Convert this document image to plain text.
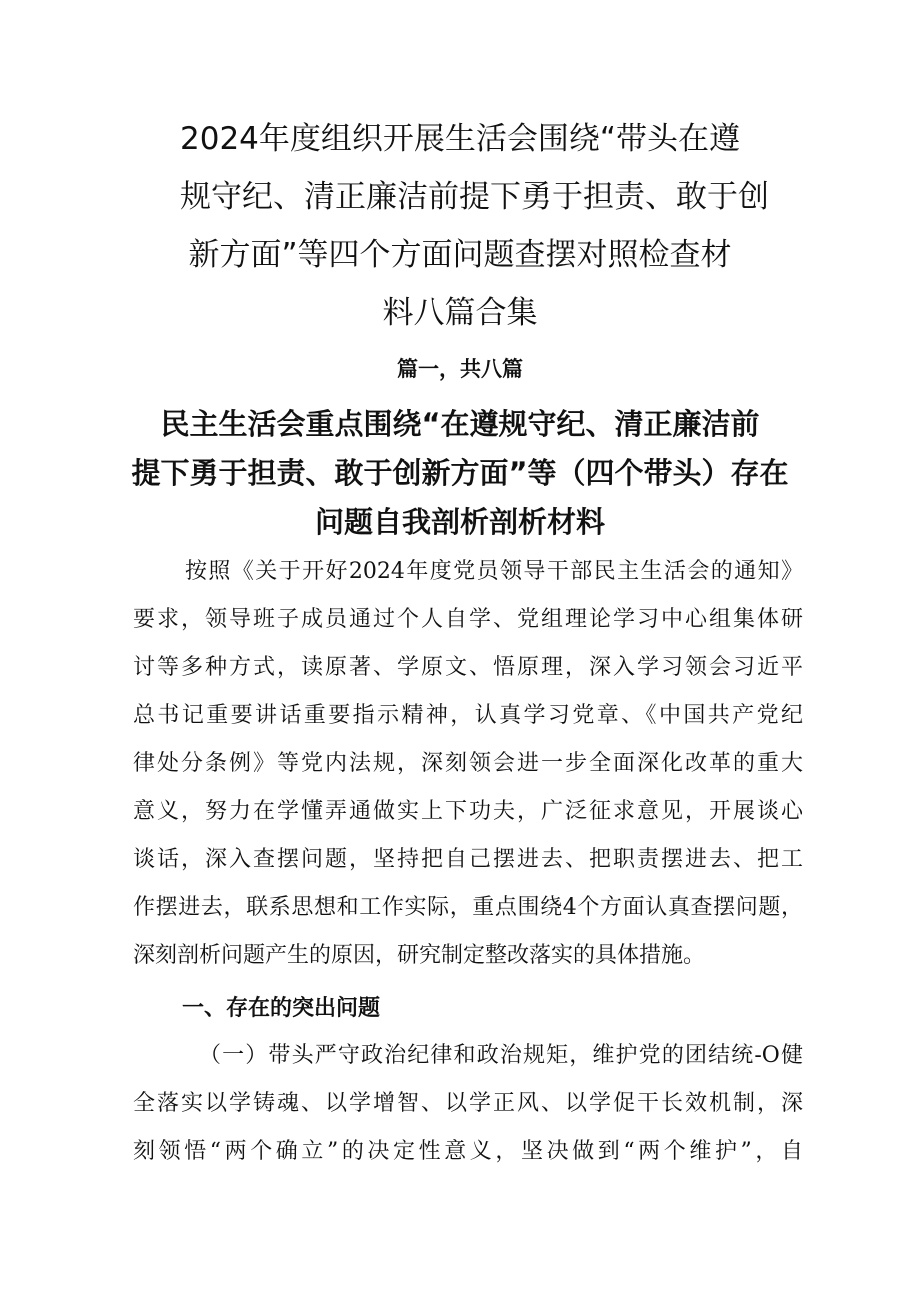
2024年度组织开展生活会围绕“带头在遵
规守纪、清正廉洁前提下勇于担责、敢于创
新方面”等四个方面问题查摆对照检查材
料八篇合集

篇一，共八篇

民主生活会重点围绕“在遵规守纪、清正廉洁前
提下勇于担责、敢于创新方面”等（四个带头）存在
问题自我剖析剖析材料
按照《关于开好2024年度党员领导干部民主生活会的通知》
要求，领导班子成员通过个人自学、党组理论学习中心组集体研
讨等多种方式，读原著、学原文、悟原理，深入学习领会习近平
总书记重要讲话重要指示精神，认真学习党章、《中国共产党纪
律处分条例》等党内法规，深刻领会进一步全面深化改革的重大
意义，努力在学懂弄通做实上下功夫，广泛征求意见，开展谈心
谈话，深入查摆问题，坚持把自己摆进去、把职责摆进去、把工
作摆进去，联系思想和工作实际，重点围绕4个方面认真查摆问题，
深刻剖析问题产生的原因，研究制定整改落实的具体措施。
一、存在的突出问题
（一）带头严守政治纪律和政治规矩，维护党的团结统-O健
全落实以学铸魂、以学增智、以学正风、以学促干长效机制，深
刻领悟“两个确立”的决定性意义，坚决做到“两个维护”，自
